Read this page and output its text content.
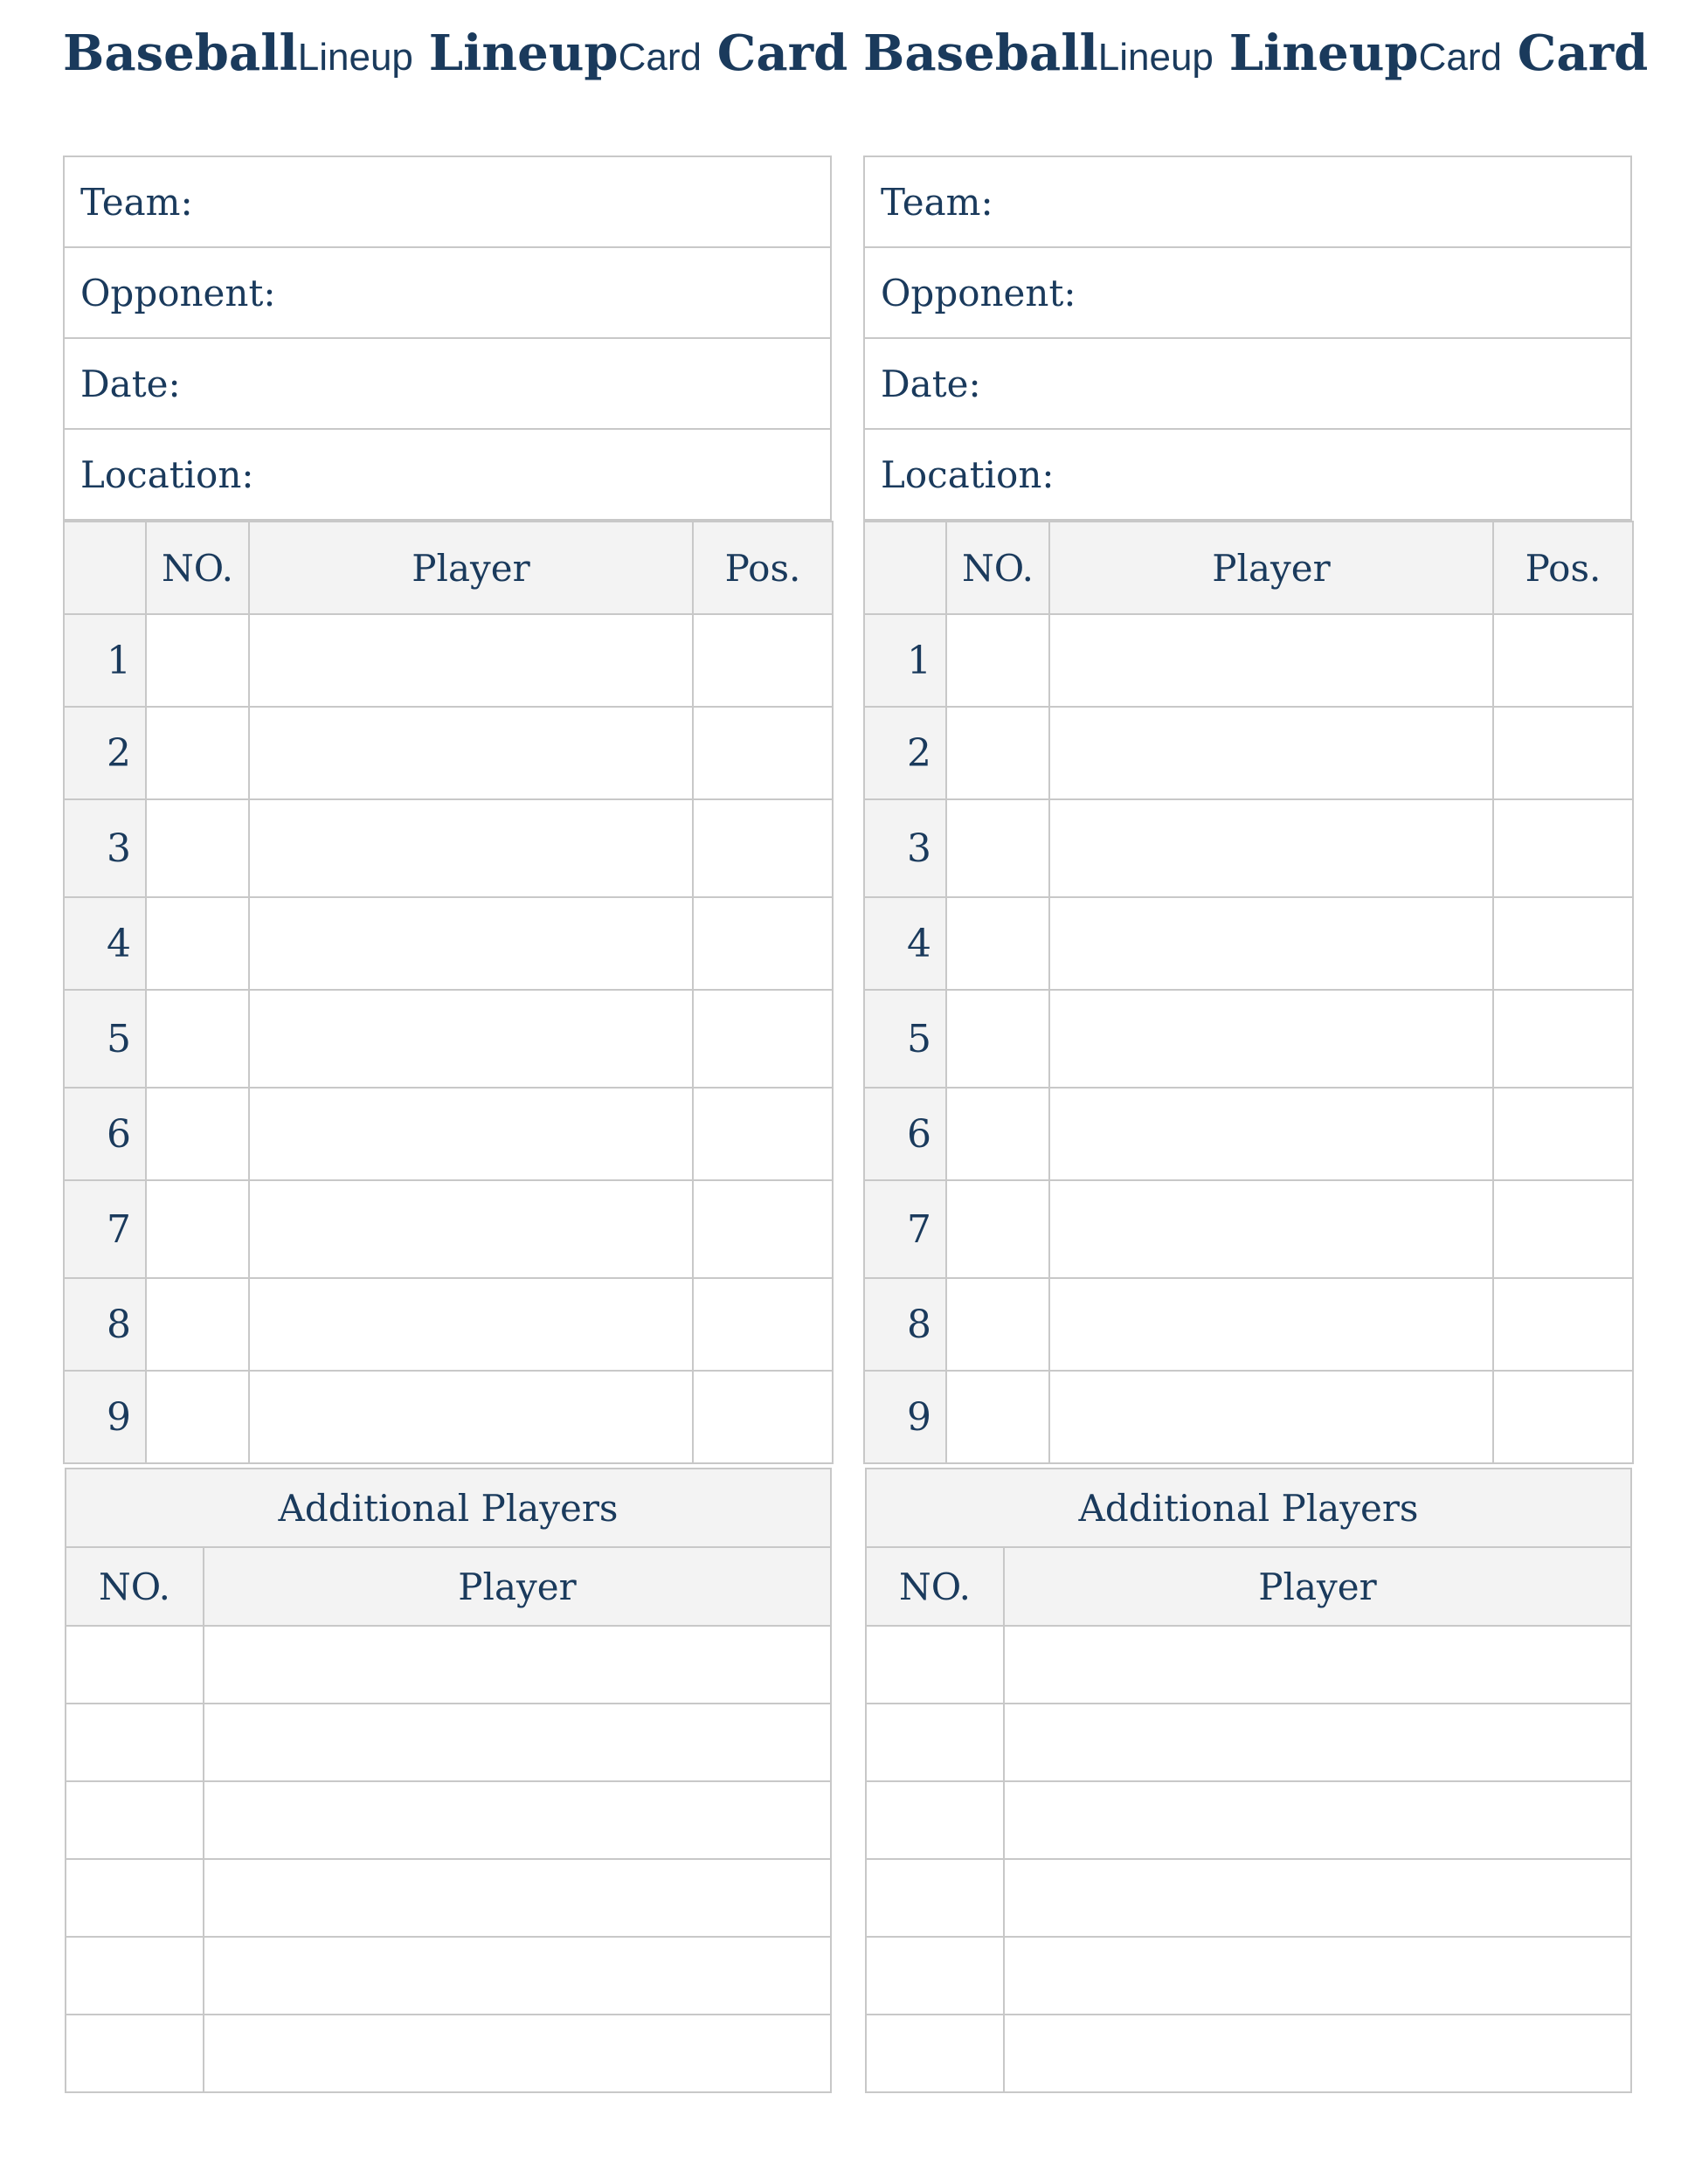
BaseballLineup LineupCard Card
Team:
Opponent:
Date:
Location:
	NO.	Player	Pos.
1			
2			
3			
4			
5			
6			
7			
8			
9			
Additional Players	
NO.	Player

BaseballLineup LineupCard Card
Team:
Opponent:
Date:
Location:
	NO.	Player	Pos.
1			
2			
3			
4			
5			
6			
7			
8			
9			
Additional Players	
NO.	Player
